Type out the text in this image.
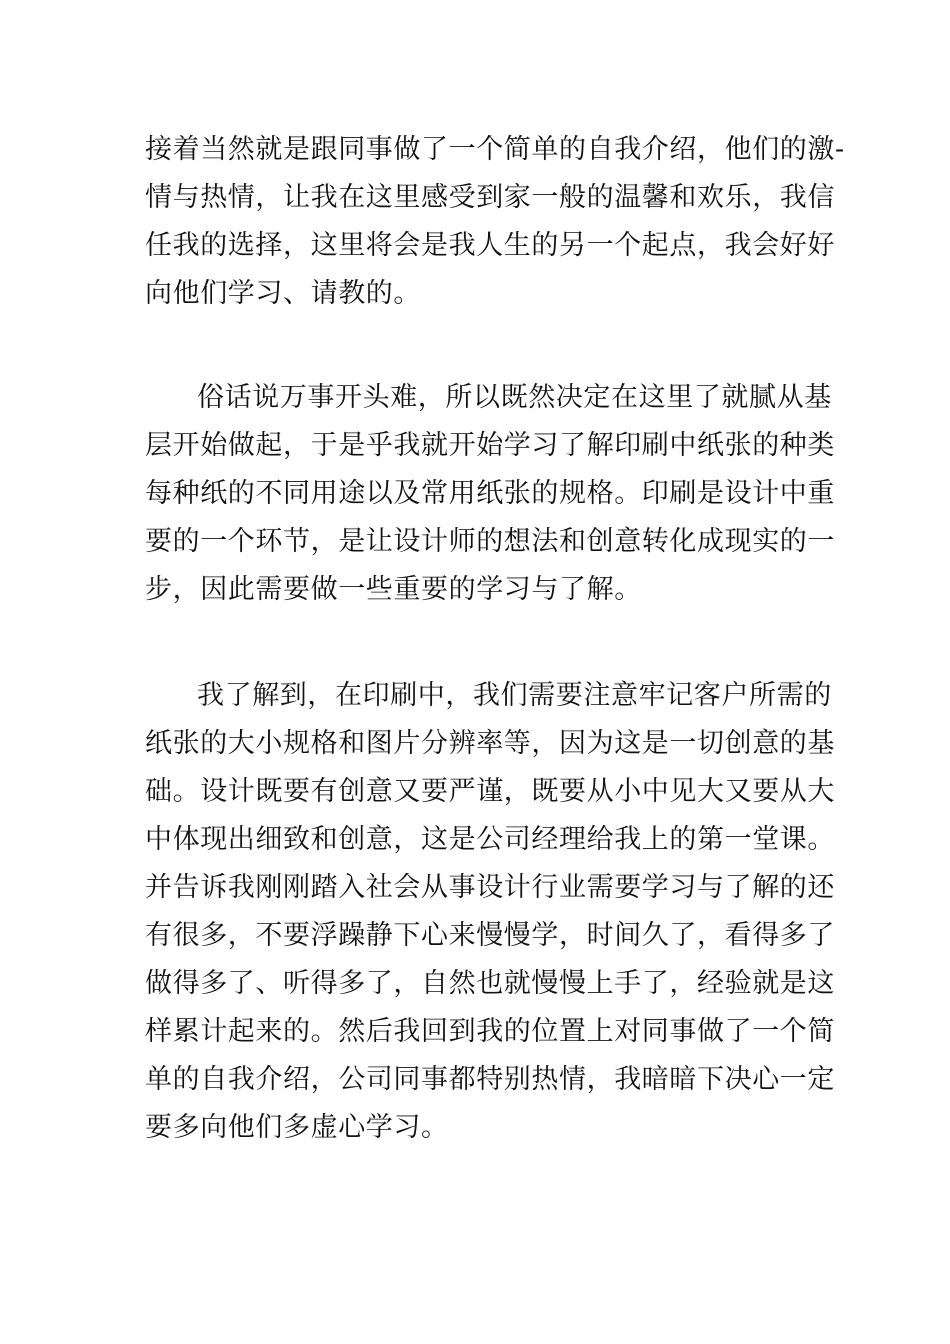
接着当然就是跟同事做了一个简单的自我介绍，他们的激-
情与热情，让我在这里感受到家一般的温馨和欢乐，我信
任我的选择，这里将会是我人生的另一个起点，我会好好
向他们学习、请教的。
俗话说万事开头难，所以既然决定在这里了就腻从基
层开始做起，于是乎我就开始学习了解印刷中纸张的种类
每种纸的不同用途以及常用纸张的规格。印刷是设计中重
要的一个环节，是让设计师的想法和创意转化成现实的一
步，因此需要做一些重要的学习与了解。
我了解到，在印刷中，我们需要注意牢记客户所需的
纸张的大小规格和图片分辨率等，因为这是一切创意的基
础。设计既要有创意又要严谨，既要从小中见大又要从大
中体现出细致和创意，这是公司经理给我上的第一堂课。
并告诉我刚刚踏入社会从事设计行业需要学习与了解的还
有很多，不要浮躁静下心来慢慢学，时间久了，看得多了
做得多了、听得多了，自然也就慢慢上手了，经验就是这
样累计起来的。然后我回到我的位置上对同事做了一个简
单的自我介绍，公司同事都特别热情，我暗暗下决心一定
要多向他们多虚心学习。
